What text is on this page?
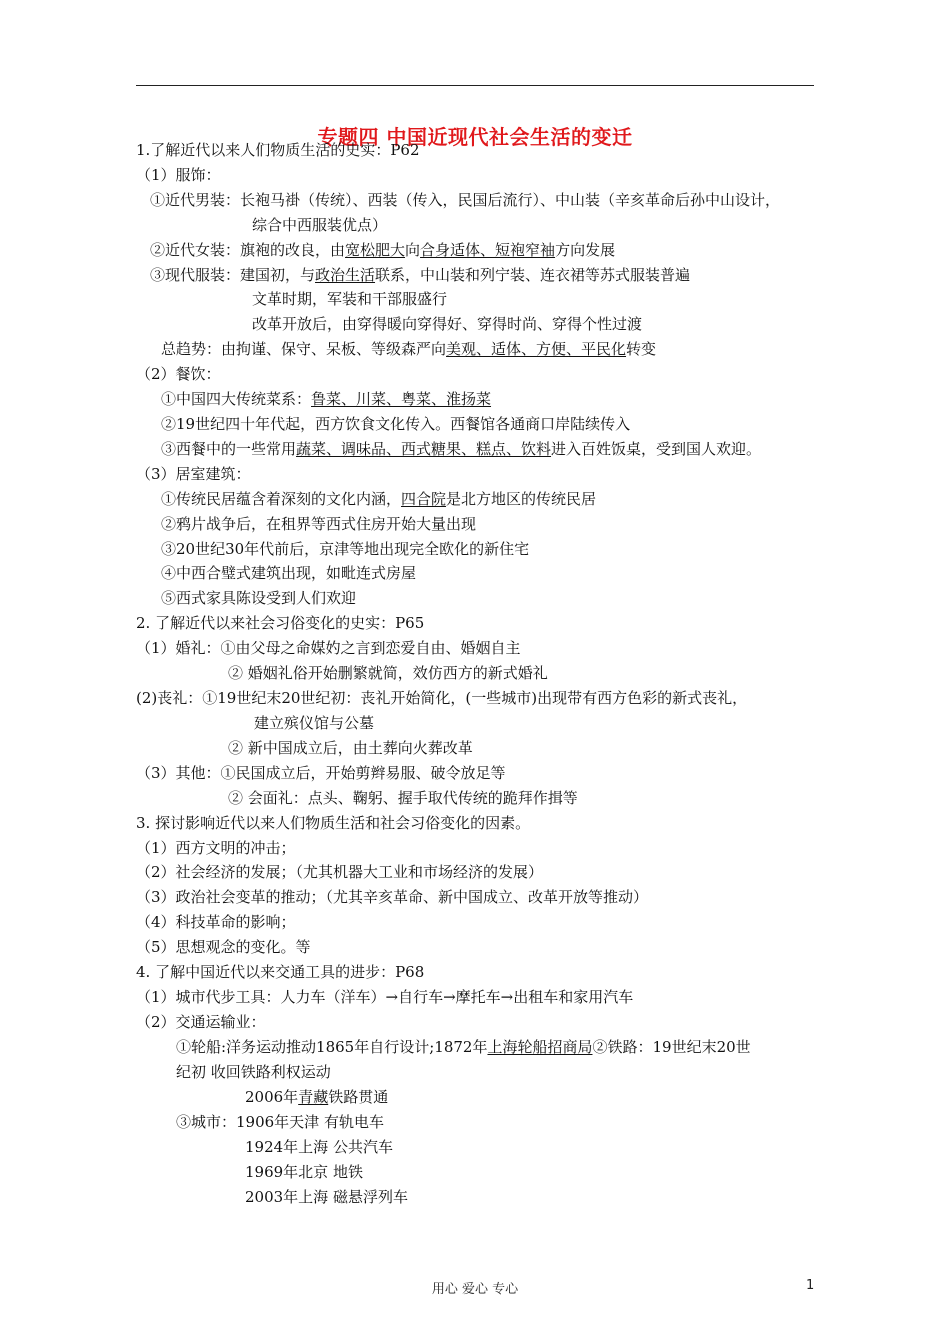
专题四 中国近现代社会生活的变迁
1.了解近代以来人们物质生活的史实：P62
（1）服饰：
①近代男装：长袍马褂（传统）、西装（传入，民国后流行）、中山装（辛亥革命后孙中山设计，
综合中西服装优点）
②近代女装：旗袍的改良，由宽松肥大向合身适体、短袍窄袖方向发展
③现代服装：建国初，与政治生活联系，中山装和列宁装、连衣裙等苏式服装普遍
文革时期，军装和干部服盛行
改革开放后，由穿得暖向穿得好、穿得时尚、穿得个性过渡
总趋势：由拘谨、保守、呆板、等级森严向美观、适体、方便、平民化转变
（2）餐饮：
①中国四大传统菜系：鲁菜、川菜、粤菜、淮扬菜
②19世纪四十年代起，西方饮食文化传入。西餐馆各通商口岸陆续传入
③西餐中的一些常用蔬菜、调味品、西式糖果、糕点、饮料进入百姓饭桌，受到国人欢迎。
（3）居室建筑：
①传统民居蕴含着深刻的文化内涵，四合院是北方地区的传统民居
②鸦片战争后，在租界等西式住房开始大量出现
③20世纪30年代前后，京津等地出现完全欧化的新住宅
④中西合璧式建筑出现，如毗连式房屋
⑤西式家具陈设受到人们欢迎
2. 了解近代以来社会习俗变化的史实：P65
（1）婚礼：①由父母之命媒妁之言到恋爱自由、婚姻自主
② 婚姻礼俗开始删繁就简，效仿西方的新式婚礼
(2)丧礼：①19世纪末20世纪初：丧礼开始简化，(一些城市)出现带有西方色彩的新式丧礼，
建立殡仪馆与公墓
② 新中国成立后，由土葬向火葬改革
（3）其他：①民国成立后，开始剪辫易服、破令放足等
② 会面礼：点头、鞠躬、握手取代传统的跪拜作揖等
3. 探讨影响近代以来人们物质生活和社会习俗变化的因素。
（1）西方文明的冲击；
（2）社会经济的发展；（尤其机器大工业和市场经济的发展）
（3）政治社会变革的推动；（尤其辛亥革命、新中国成立、改革开放等推动）
（4）科技革命的影响；
（5）思想观念的变化。等
4. 了解中国近代以来交通工具的进步：P68
（1）城市代步工具：人力车（洋车）→自行车→摩托车→出租车和家用汽车
（2）交通运输业：
①轮船:洋务运动推动1865年自行设计;1872年上海轮船招商局②铁路：19世纪末20世
纪初 收回铁路利权运动
2006年青藏铁路贯通
③城市：1906年天津 有轨电车
1924年上海 公共汽车
1969年北京 地铁
2003年上海 磁悬浮列车
用心 爱心 专心	1
